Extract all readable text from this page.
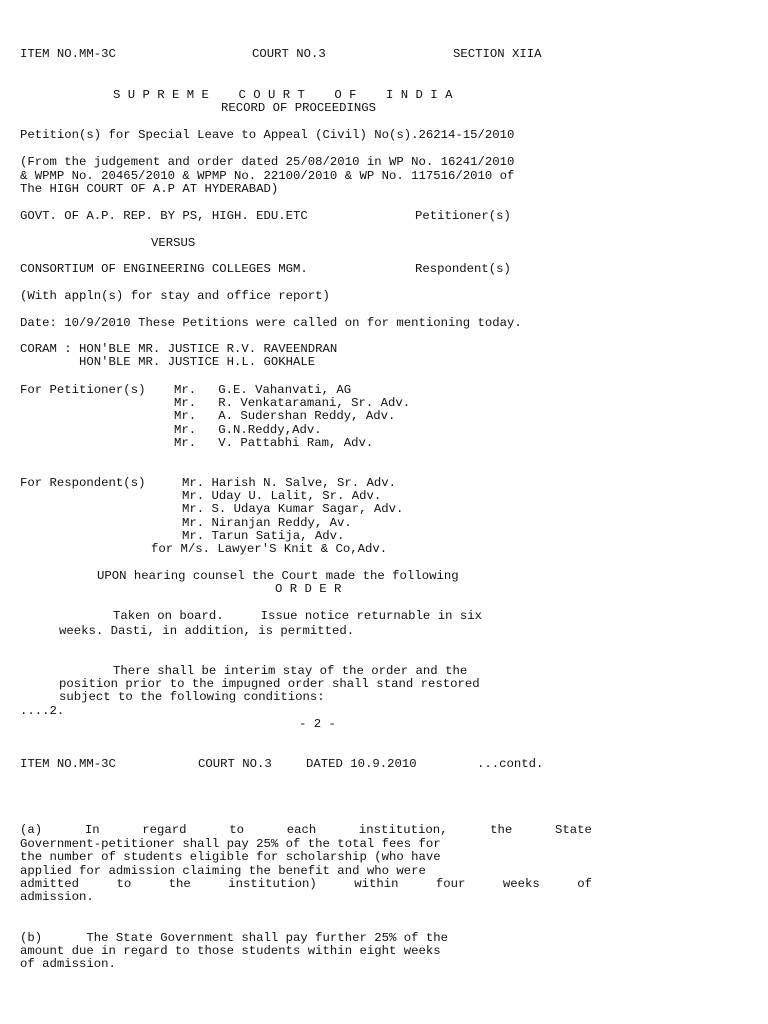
ITEM NO.MM-3C	COURT NO.3	SECTION XIIA
S U P R E M E    C O U R T    O F    I N D I A
RECORD OF PROCEEDINGS
Petition(s) for Special Leave to Appeal (Civil) No(s).26214-15/2010
(From the judgement and order dated 25/08/2010 in WP No. 16241/2010
& WPMP No. 20465/2010 & WPMP No. 22100/2010 & WP No. 117516/2010 of
The HIGH COURT OF A.P AT HYDERABAD)
GOVT. OF A.P. REP. BY PS, HIGH. EDU.ETC	Petitioner(s)
VERSUS
CONSORTIUM OF ENGINEERING COLLEGES MGM.	Respondent(s)
(With appln(s) for stay and office report)
Date: 10/9/2010 These Petitions were called on for mentioning today.
CORAM : HON'BLE MR. JUSTICE R.V. RAVEENDRAN
HON'BLE MR. JUSTICE H.L. GOKHALE
For Petitioner(s) Mr.   G.E. Vahanvati, AG
Mr.   R. Venkataramani, Sr. Adv.
Mr.   A. Sudershan Reddy, Adv.
Mr.   G.N.Reddy,Adv.
Mr.   V. Pattabhi Ram, Adv.
For Respondent(s)	Mr. Harish N. Salve, Sr. Adv.
Mr. Uday U. Lalit, Sr. Adv.
Mr. S. Udaya Kumar Sagar, Adv.
Mr. Niranjan Reddy, Av.
Mr. Tarun Satija, Adv.
for M/s. Lawyer'S Knit & Co,Adv.
UPON hearing counsel the Court made the following
O R D E R
Taken on board.     Issue notice returnable in six
weeks. Dasti, in addition, is permitted.
There shall be interim stay of the order and the
position prior to the impugned order shall stand restored
subject to the following conditions:
....2.
- 2 -
ITEM NO.MM-3C	COURT NO.3	DATED 10.9.2010	...contd.
(a)	In	regard	to	each	institution,	the	State
Government-petitioner shall pay 25% of the total fees for
the number of students eligible for scholarship (who have
applied for admission claiming the benefit and who were
admitted	to	the	institution)	within	four	weeks	of
admission.
(b)      The State Government shall pay further 25% of the
amount due in regard to those students within eight weeks
of admission.
